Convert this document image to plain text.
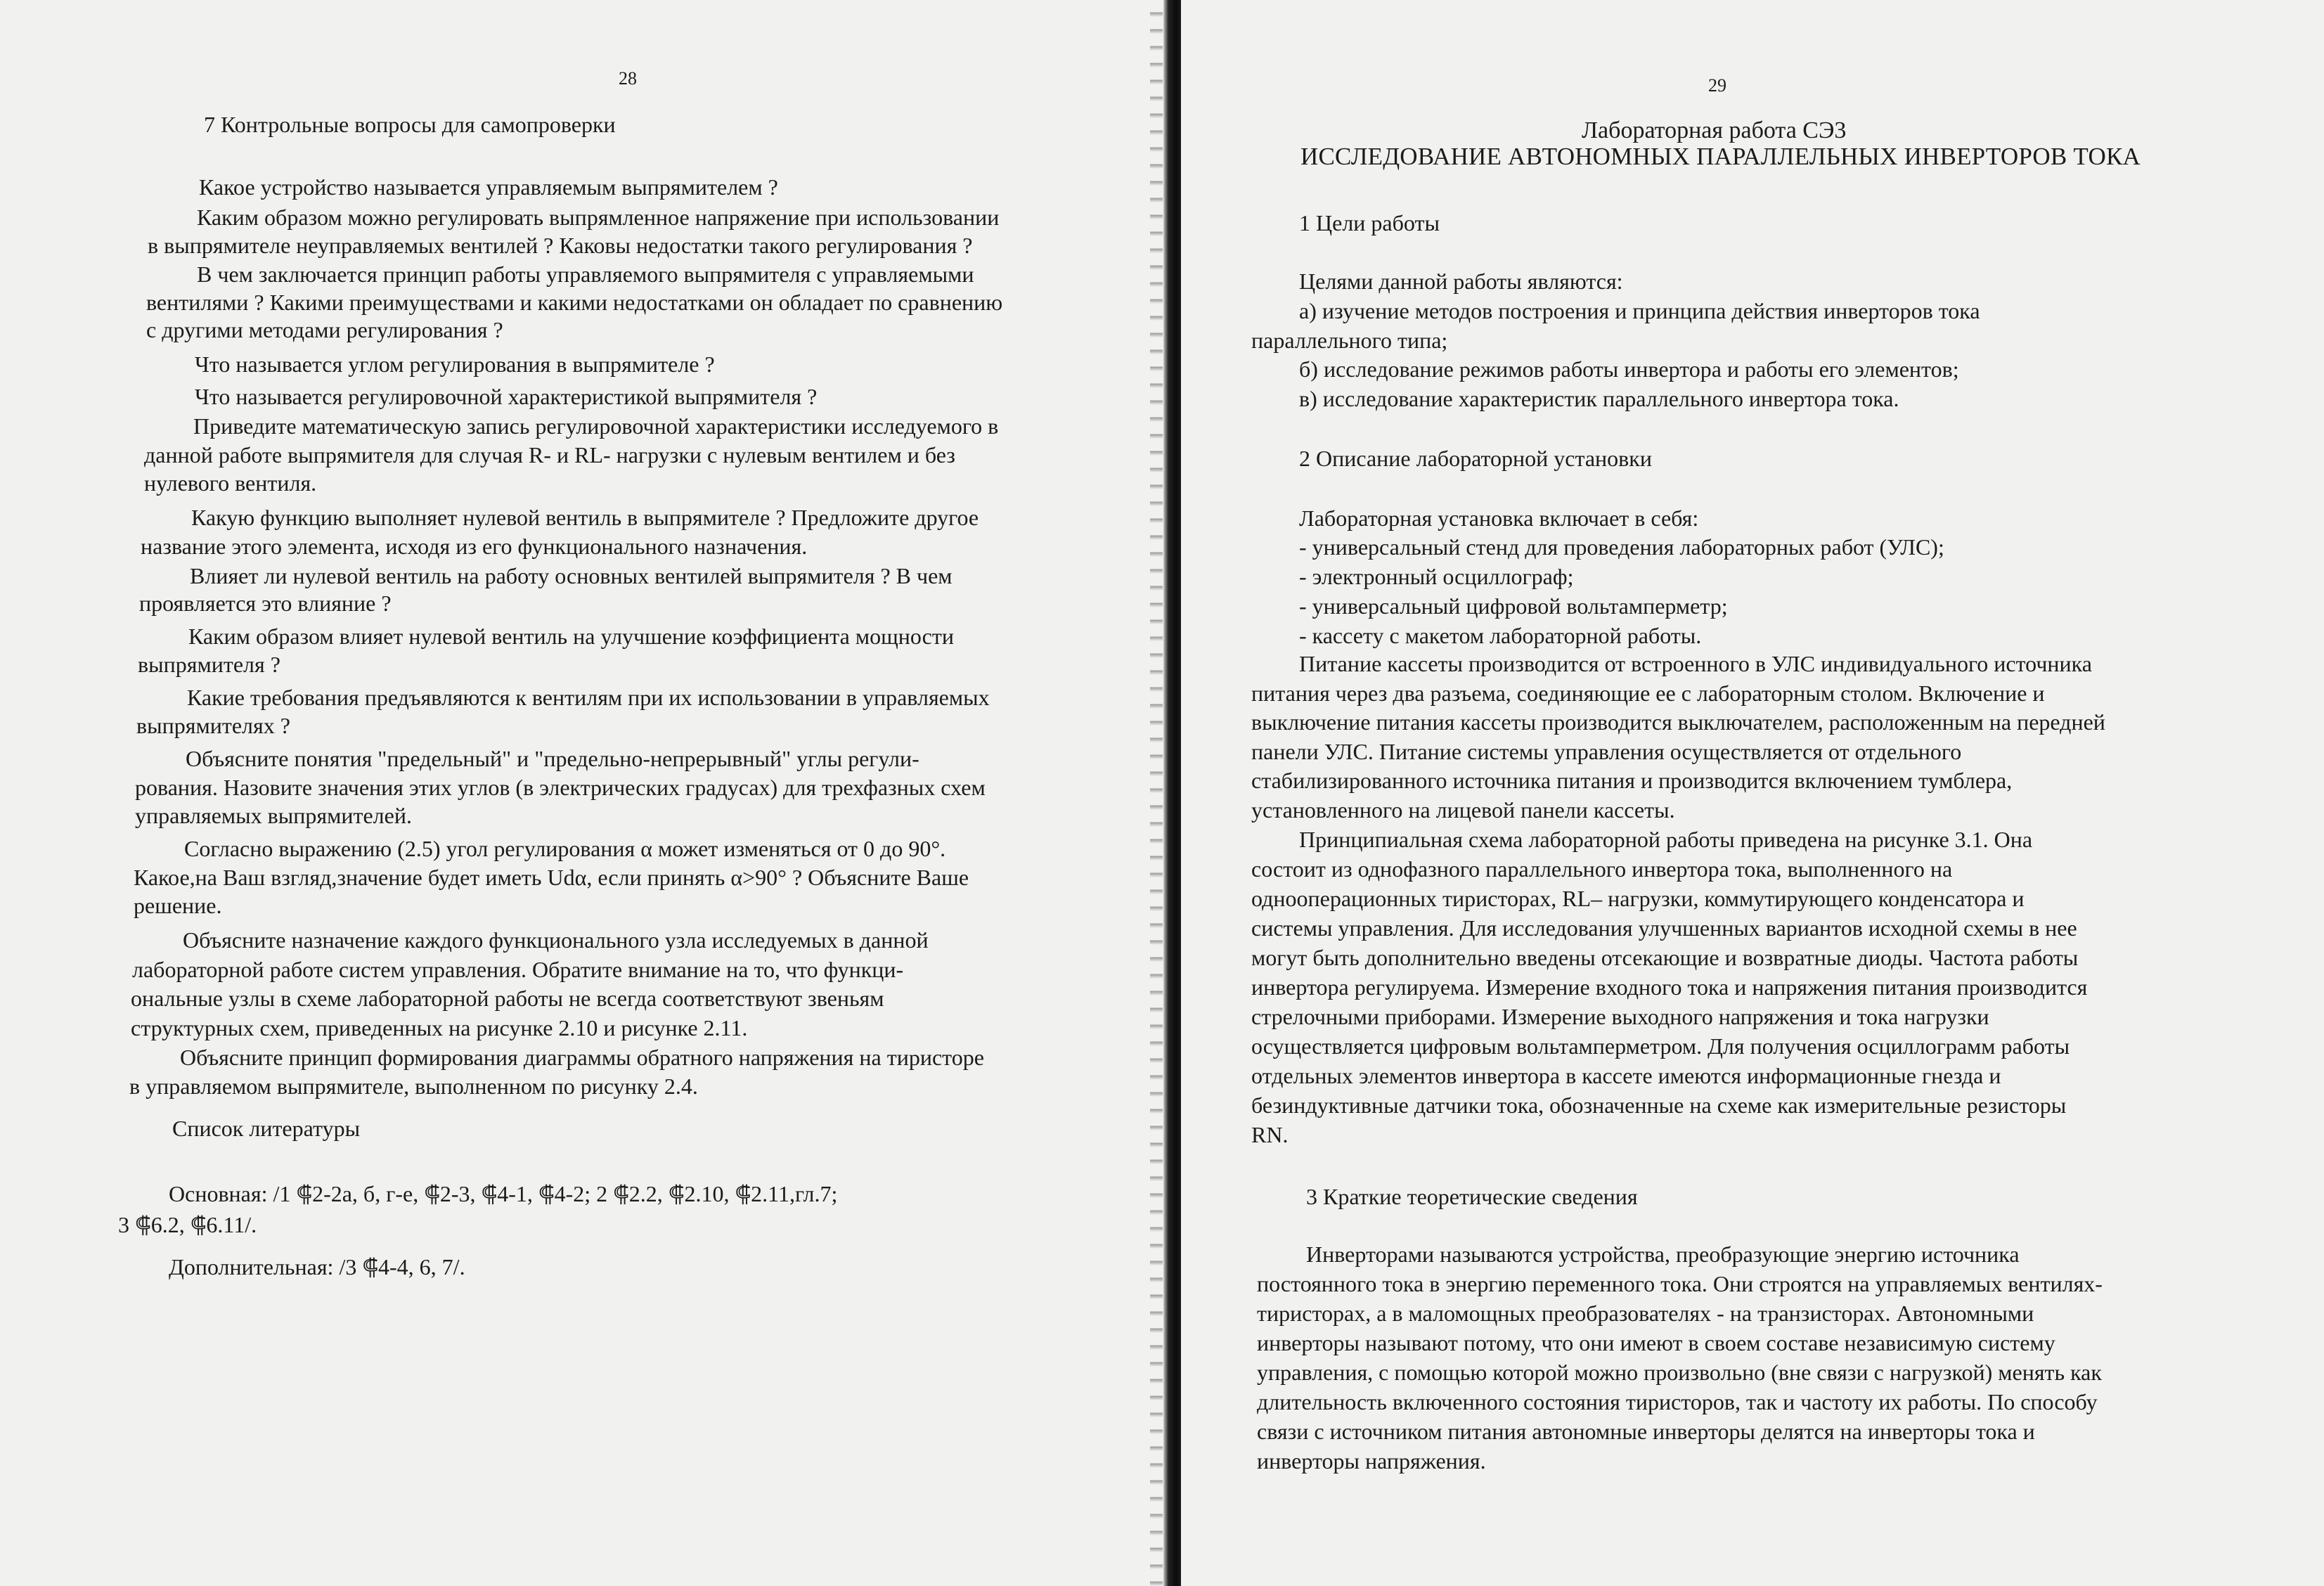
28
7 Контрольные вопросы для самопроверки
Какое устройство называется управляемым выпрямителем ?
Каким образом можно регулировать выпрямленное напряжение при использовании
в выпрямителе неуправляемых вентилей ? Каковы недостатки такого регулирования ?
В чем заключается принцип работы управляемого выпрямителя с управляемыми
вентилями ? Какими преимуществами и какими недостатками он обладает по сравнению
с другими методами регулирования ?
Что называется углом регулирования в выпрямителе ?
Что называется регулировочной характеристикой выпрямителя ?
Приведите математическую запись регулировочной характеристики исследуемого в
данной работе выпрямителя для случая R- и RL- нагрузки с нулевым вентилем и без
нулевого вентиля.
Какую функцию выполняет нулевой вентиль в выпрямителе ? Предложите другое
название этого элемента, исходя из его функционального назначения.
Влияет ли нулевой вентиль на работу основных вентилей выпрямителя ? В чем
проявляется это влияние ?
Каким образом влияет нулевой вентиль на улучшение коэффициента мощности
выпрямителя ?
Какие требования предъявляются к вентилям при их использовании в управляемых
выпрямителях ?
Объясните понятия "предельный" и "предельно-непрерывный" углы регули-
рования. Назовите значения этих углов (в электрических градусах) для трехфазных схем
управляемых выпрямителей.
Согласно выражению (2.5) угол регулирования α может изменяться от 0 до 90°.
Какое,на Ваш взгляд,значение будет иметь Udα, если принять α>90° ? Объясните Ваше
решение.
Объясните назначение каждого функционального узла исследуемых в данной
лабораторной работе систем управления. Обратите внимание на то, что функци-
ональные узлы в схеме лабораторной работы не всегда соответствуют звеньям
структурных схем, приведенных на рисунке 2.10 и рисунке 2.11.
Объясните принцип формирования диаграммы обратного напряжения на тиристоре
в управляемом выпрямителе, выполненном по рисунку 2.4.
Список литературы
Основная: /1 ⸿2-2а, б, г-е, ⸿2-3, ⸿4-1, ⸿4-2; 2 ⸿2.2, ⸿2.10, ⸿2.11,гл.7;
3 ⸿6.2, ⸿6.11/.
Дополнительная: /3 ⸿4-4, 6, 7/.
29
Лабораторная работа СЭ3
ИССЛЕДОВАНИЕ АВТОНОМНЫХ ПАРАЛЛЕЛЬНЫХ ИНВЕРТОРОВ ТОКА
1 Цели работы
Целями данной работы являются:
а) изучение методов построения и принципа действия инверторов тока
параллельного типа;
б) исследование режимов работы инвертора и работы его элементов;
в) исследование характеристик параллельного инвертора тока.
2 Описание лабораторной установки
Лабораторная установка включает в себя:
- универсальный стенд для проведения лабораторных работ (УЛС);
- электронный осциллограф;
- универсальный цифровой вольтамперметр;
- кассету с макетом лабораторной работы.
Питание кассеты производится от встроенного в УЛС индивидуального источника
питания через два разъема, соединяющие ее с лабораторным столом. Включение и
выключение питания кассеты производится выключателем, расположенным на передней
панели УЛС. Питание системы управления осуществляется от отдельного
стабилизированного источника питания и производится включением тумблера,
установленного на лицевой панели кассеты.
Принципиальная схема лабораторной работы приведена на рисунке 3.1. Она
состоит из однофазного параллельного инвертора тока, выполненного на
однооперационных тиристорах, RL– нагрузки, коммутирующего конденсатора и
системы управления. Для исследования улучшенных вариантов исходной схемы в нее
могут быть дополнительно введены отсекающие и возвратные диоды. Частота работы
инвертора регулируема. Измерение входного тока и напряжения питания производится
стрелочными приборами. Измерение выходного напряжения и тока нагрузки
осуществляется цифровым вольтамперметром. Для получения осциллограмм работы
отдельных элементов инвертора в кассете имеются информационные гнезда и
безиндуктивные датчики тока, обозначенные на схеме как измерительные резисторы
RN.
3 Краткие теоретические сведения
Инверторами называются устройства, преобразующие энергию источника
постоянного тока в энергию переменного тока. Они строятся на управляемых вентилях-
тиристорах, а в маломощных преобразователях - на транзисторах. Автономными
инверторы называют потому, что они имеют в своем составе независимую систему
управления, с помощью которой можно произвольно (вне связи с нагрузкой) менять как
длительность включенного состояния тиристоров, так и частоту их работы. По способу
связи с источником питания автономные инверторы делятся на инверторы тока и
инверторы напряжения.
